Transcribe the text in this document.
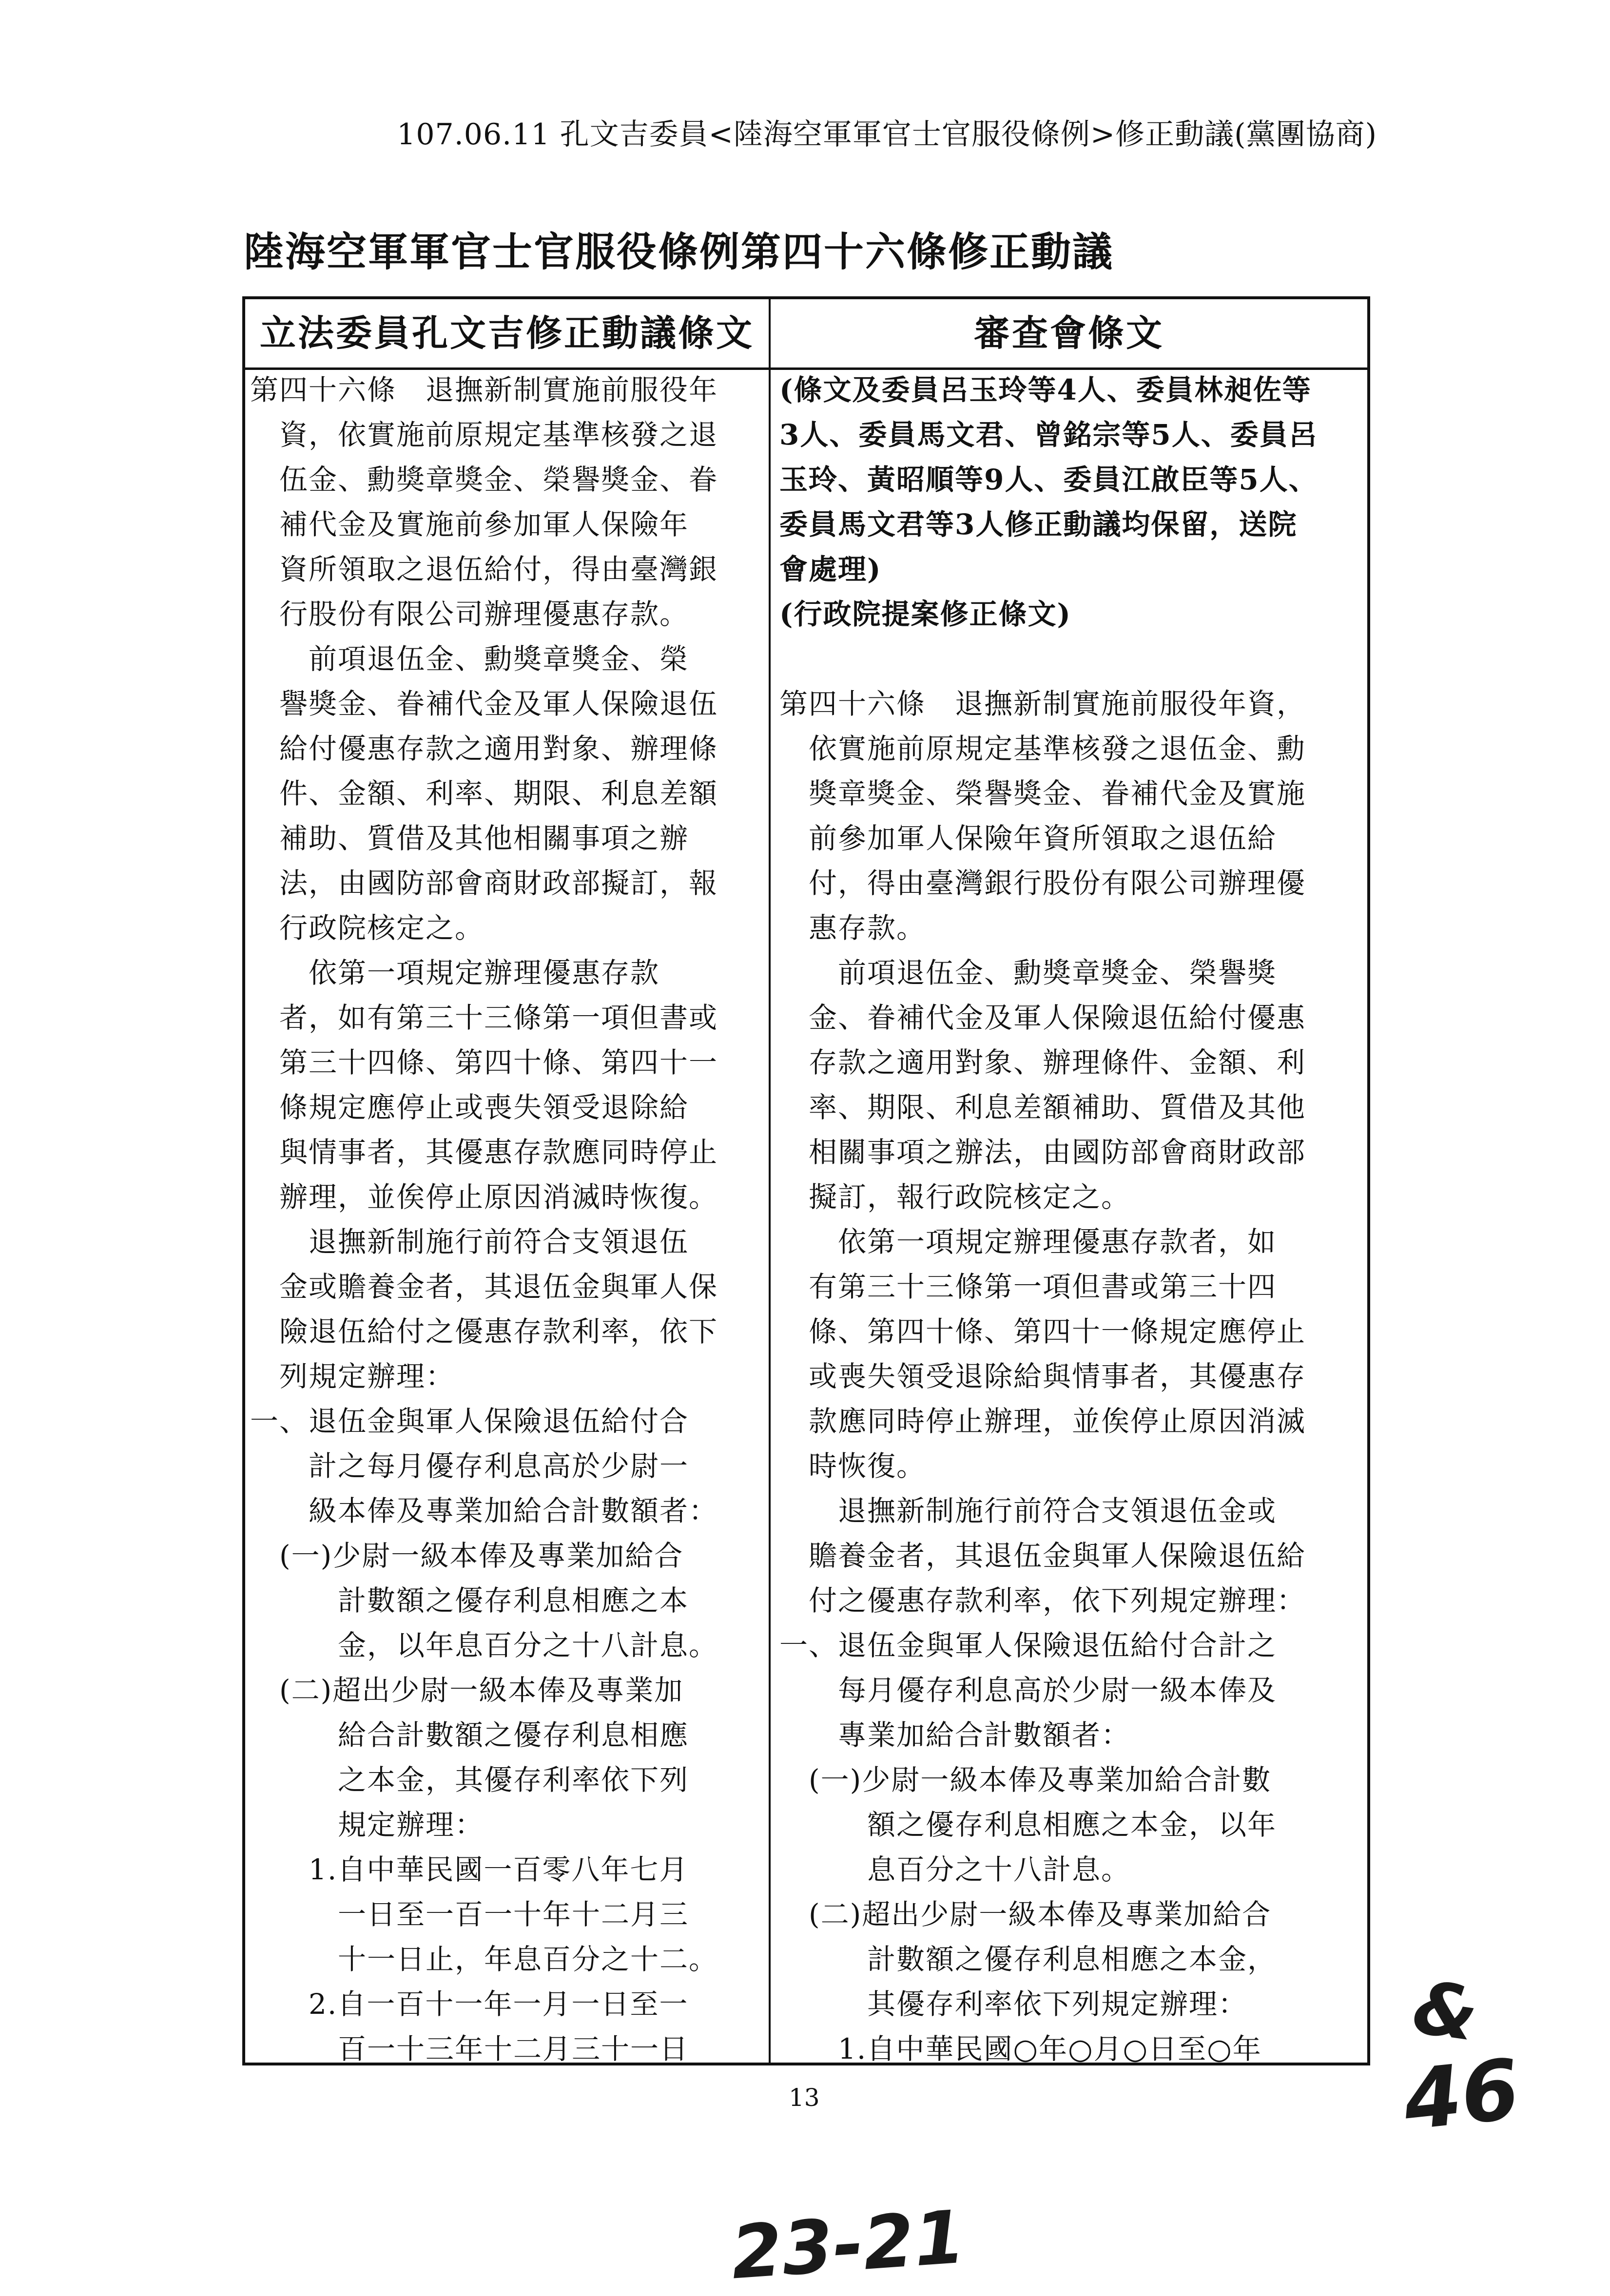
107.06.11 孔文吉委員<陸海空軍軍官士官服役條例>修正動議(黨團協商)
陸海空軍軍官士官服役條例第四十六條修正動議
立法委員孔文吉修正動議條文	審查會條文
第四十六條　退撫新制實施前服役年
　資，依實施前原規定基準核發之退
　伍金、勳獎章獎金、榮譽獎金、眷
　補代金及實施前參加軍人保險年
　資所領取之退伍給付，得由臺灣銀
　行股份有限公司辦理優惠存款。
　　前項退伍金、勳獎章獎金、榮
　譽獎金、眷補代金及軍人保險退伍
　給付優惠存款之適用對象、辦理條
　件、金額、利率、期限、利息差額
　補助、質借及其他相關事項之辦
　法，由國防部會商財政部擬訂，報
　行政院核定之。
　　依第一項規定辦理優惠存款
　者，如有第三十三條第一項但書或
　第三十四條、第四十條、第四十一
　條規定應停止或喪失領受退除給
　與情事者，其優惠存款應同時停止
　辦理，並俟停止原因消滅時恢復。
　　退撫新制施行前符合支領退伍
　金或贍養金者，其退伍金與軍人保
　險退伍給付之優惠存款利率，依下
　列規定辦理：
一、退伍金與軍人保險退伍給付合
　　計之每月優存利息高於少尉一
　　級本俸及專業加給合計數額者：
　(一)少尉一級本俸及專業加給合
　　　計數額之優存利息相應之本
　　　金，以年息百分之十八計息。
　(二)超出少尉一級本俸及專業加
　　　給合計數額之優存利息相應
　　　之本金，其優存利率依下列
　　　規定辦理：
　　1.自中華民國一百零八年七月
　　　一日至一百一十年十二月三
　　　十一日止，年息百分之十二。
　　2.自一百十一年一月一日至一
　　　百一十三年十二月三十一日
(條文及委員呂玉玲等4人、委員林昶佐等
3人、委員馬文君、曾銘宗等5人、委員呂
玉玲、黃昭順等9人、委員江啟臣等5人、
委員馬文君等3人修正動議均保留，送院
會處理)
(行政院提案修正條文)
第四十六條　退撫新制實施前服役年資，
　依實施前原規定基準核發之退伍金、勳
　獎章獎金、榮譽獎金、眷補代金及實施
　前參加軍人保險年資所領取之退伍給
　付，得由臺灣銀行股份有限公司辦理優
　惠存款。
　　前項退伍金、勳獎章獎金、榮譽獎
　金、眷補代金及軍人保險退伍給付優惠
　存款之適用對象、辦理條件、金額、利
　率、期限、利息差額補助、質借及其他
　相關事項之辦法，由國防部會商財政部
　擬訂，報行政院核定之。
　　依第一項規定辦理優惠存款者，如
　有第三十三條第一項但書或第三十四
　條、第四十條、第四十一條規定應停止
　或喪失領受退除給與情事者，其優惠存
　款應同時停止辦理，並俟停止原因消滅
　時恢復。
　　退撫新制施行前符合支領退伍金或
　贍養金者，其退伍金與軍人保險退伍給
　付之優惠存款利率，依下列規定辦理：
一、退伍金與軍人保險退伍給付合計之
　　每月優存利息高於少尉一級本俸及
　　專業加給合計數額者：
　(一)少尉一級本俸及專業加給合計數
　　　額之優存利息相應之本金，以年
　　　息百分之十八計息。
　(二)超出少尉一級本俸及專業加給合
　　　計數額之優存利息相應之本金，
　　　其優存利率依下列規定辦理：
　　1.自中華民國○年○月○日至○年
13
23-21
&
46
